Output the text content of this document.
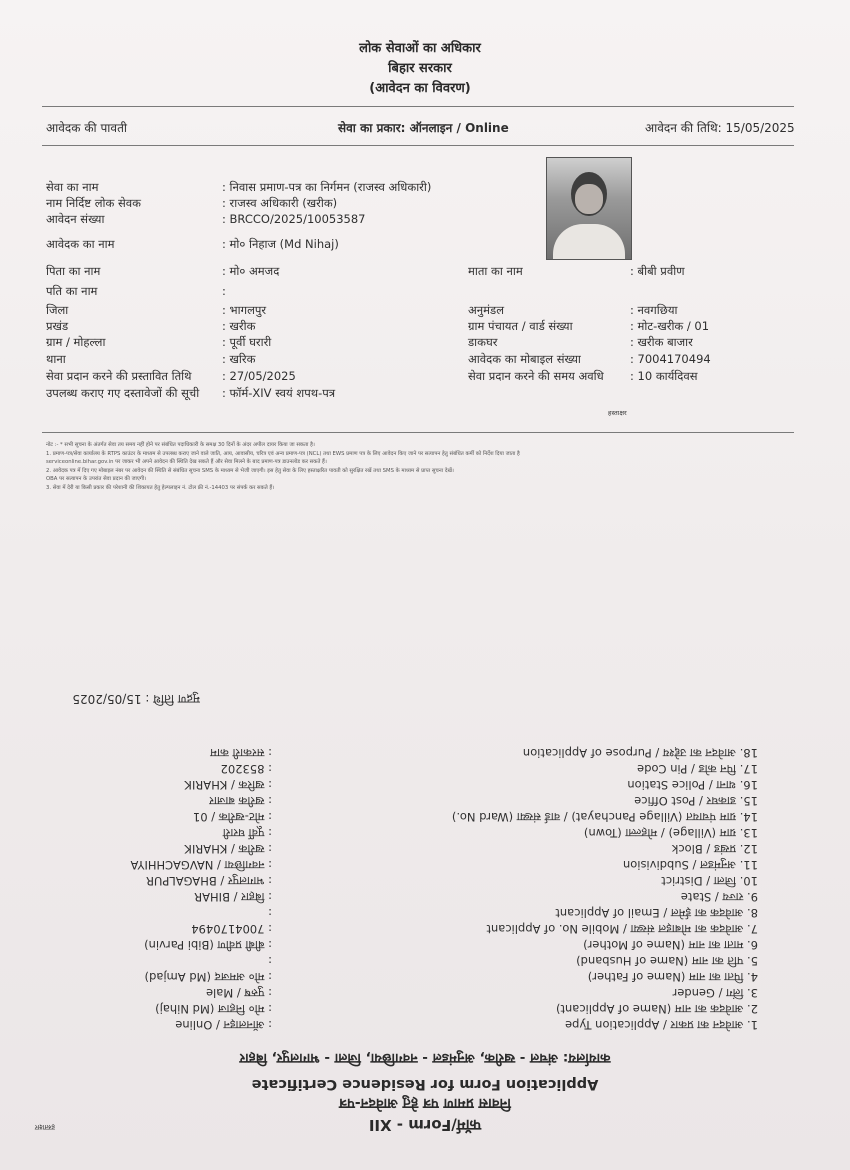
लोक सेवाओं का अधिकार
बिहार सरकार
(आवेदन का विवरण)
आवेदक की पावती	सेवा का प्रकार: ऑनलाइन / Online	आवेदन की तिथि: 15/05/2025
सेवा का नाम	: निवास प्रमाण-पत्र का निर्गमन (राजस्व अधिकारी)
नाम निर्दिष्ट लोक सेवक	: राजस्व अधिकारी (खरीक)
आवेदन संख्या	: BRCCO/2025/10053587
आवेदक का नाम	: मो० निहाज (Md Nihaj)
पिता का नाम	: मो० अमजद	माता का नाम	: बीबी प्रवीण
पति का नाम	:
जिला	: भागलपुर	अनुमंडल	: नवगछिया
प्रखंड	: खरीक	ग्राम पंचायत / वार्ड संख्या	: मोट-खरीक / 01
ग्राम / मोहल्ला	: पूर्वी घरारी	डाकघर	: खरीक बाजार
थाना	: खरिक	आवेदक का मोबाइल संख्या	: 7004170494
सेवा प्रदान करने की प्रस्तावित तिथि	: 27/05/2025	सेवा प्रदान करने की समय अवधि : 10 कार्यदिवस
उपलब्ध कराए गए दस्तावेजों की सूची : फॉर्म-XIV स्वयं शपथ-पत्र
हस्ताक्षर
नोट :- * सभी सूचना के अंतर्गत सेवा तय समय नहीं होने पर संबंधित पदाधिकारी के समक्ष 30 दिनों के अंदर अपील दायर किया जा सकता है।
1. प्रमाण-पत्र/सेवा कार्यालय के RTPS काउंटर के माध्यम से उपलब्ध कराए जाने वाले जाति, आय, आवासीय, चरित्र एवं अन्य प्रमाण-पत्र (NCL) तथा EWS प्रमाण पत्र के लिए आवेदन किए जाने पर सत्यापन हेतु संबंधित कर्मी को निर्देश दिया जाता है
serviceonline.bihar.gov.in पर जाकर भी अपने आवेदन की स्थिति देख सकते हैं और सेवा मिलने के बाद प्रमाण-पत्र डाउनलोड कर सकते हैं।
2. आवेदक पत्र में दिए गए मोबाइल नंबर पर आवेदन की स्थिति से संबंधित सूचना SMS के माध्यम से भेजी जाएगी। इस हेतु सेवा के लिए हस्ताक्षरित पावती को सुरक्षित रखें तथा SMS के माध्यम से प्राप्त सूचना देखें।
OBA पर सत्यापन के उपरांत सेवा प्रदान की जाएगी।
3. सेवा में देरी या किसी प्रकार की परेशानी की शिकायत हेतु हेल्पलाइन नं. टोल फ्री नं.-14403 पर संपर्क कर सकते हैं।
हस्ताक्षर	फॉर्म/Form - XII
निवास प्रमाण पत्र हेतु आवेदन-पत्र
Application Form for Residence Certificate
कार्यालय: अंचल - खरीक, अनुमंडल - नवगछिया, जिला - भागलपुर, बिहार
1. आवेदन का प्रकार / Application Type
: ऑनलाइन / Online
2. आवेदक का नाम (Name of Applicant)
: मो० निहाज (Md Nihaj)
3. लिंग / Gender
: पुरुष / Male
4. पिता का नाम (Name of Father)
: मो० अमजद (Md Amjad)
5. पति का नाम (Name of Husband)
:
6. माता का नाम (Name of Mother)
: बीबी प्रवीण (Bibi Parvin)
7. आवेदक का मोबाइल संख्या / Mobile No. of Applicant
: 7004170494
8. आवेदक का ईमेल / Email of Applicant
:
9. राज्य / State
: बिहार / BIHAR
10. जिला / District
: भागलपुर / BHAGALPUR
11. अनुमंडल / Subdivision
: नवगछिया / NAVGACHHIYA
12. प्रखंड / Block
: खरीक / KHARIK
13. ग्राम (Village) / मोहल्ला (Town)
: पूर्वी घरारी
14. ग्राम पंचायत (Village Panchayat) / वार्ड संख्या (Ward No.)
: मोट-खरीक / 01
15. डाकघर / Post Office
: खरीक बाजार
16. थाना / Police Station
: खरिक / KHARIK
17. पिन कोड / Pin Code
: 853202
18. आवेदन का उद्देश्य / Purpose of Application
: सरकारी काम
मुद्रण तिथि : 15/05/2025
